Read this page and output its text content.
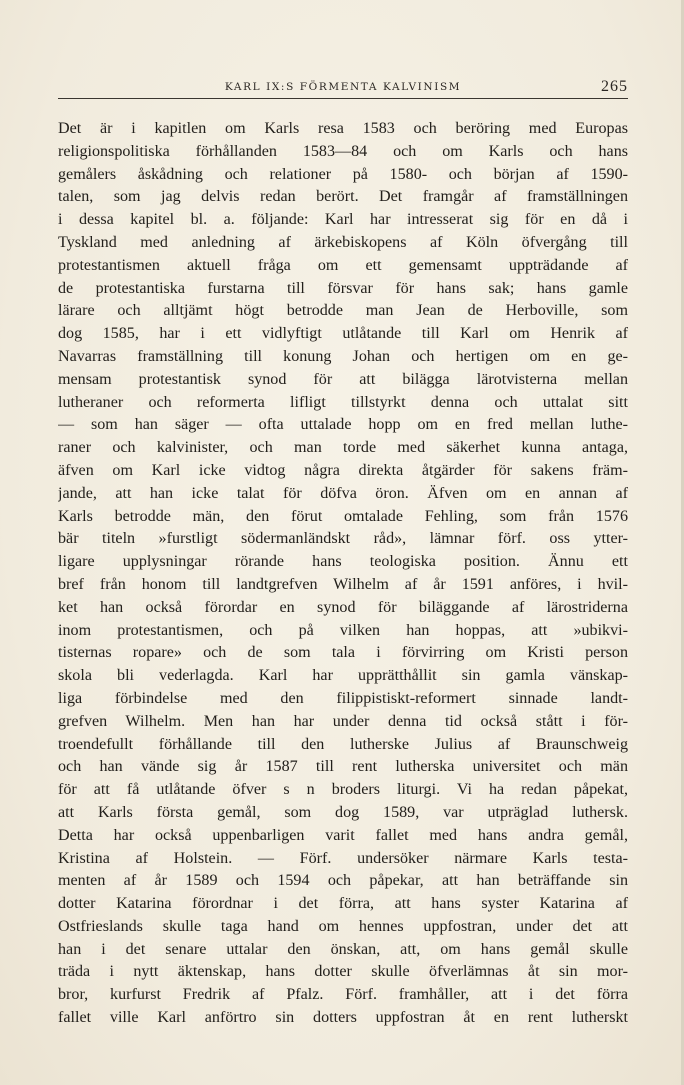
KARL IX:S FÖRMENTA KALVINISM	265
Det är i kapitlen om Karls resa 1583 och beröring med Europas
religionspolitiska förhållanden 1583—84 och om Karls och hans
gemålers åskådning och relationer på 1580- och början af 1590-
talen, som jag delvis redan berört. Det framgår af framställningen
i dessa kapitel bl. a. följande: Karl har intresserat sig för en då i
Tyskland med anledning af ärkebiskopens af Köln öfvergång till
protestantismen aktuell fråga om ett gemensamt uppträdande af
de protestantiska furstarna till försvar för hans sak; hans gamle
lärare och alltjämt högt betrodde man Jean de Herboville, som
dog 1585, har i ett vidlyftigt utlåtande till Karl om Henrik af
Navarras framställning till konung Johan och hertigen om en ge-
mensam protestantisk synod för att bilägga lärotvisterna mellan
lutheraner och reformerta lifligt tillstyrkt denna och uttalat sitt
— som han säger — ofta uttalade hopp om en fred mellan luthe-
raner och kalvinister, och man torde med säkerhet kunna antaga,
äfven om Karl icke vidtog några direkta åtgärder för sakens främ-
jande, att han icke talat för döfva öron. Äfven om en annan af
Karls betrodde män, den förut omtalade Fehling, som från 1576
bär titeln »furstligt södermanländskt råd», lämnar förf. oss ytter-
ligare upplysningar rörande hans teologiska position. Ännu ett
bref från honom till landtgrefven Wilhelm af år 1591 anföres, i hvil-
ket han också förordar en synod för biläggande af lärostriderna
inom protestantismen, och på vilken han hoppas, att »ubikvi-
tisternas ropare» och de som tala i förvirring om Kristi person
skola bli vederlagda. Karl har upprätthållit sin gamla vänskap-
liga förbindelse med den filippistiskt-reformert sinnade landt-
grefven Wilhelm. Men han har under denna tid också stått i för-
troendefullt förhållande till den lutherske Julius af Braunschweig
och han vände sig år 1587 till rent lutherska universitet och män
för att få utlåtande öfver s n broders liturgi. Vi ha redan påpekat,
att Karls första gemål, som dog 1589, var utpräglad luthersk.
Detta har också uppenbarligen varit fallet med hans andra gemål,
Kristina af Holstein. — Förf. undersöker närmare Karls testa-
menten af år 1589 och 1594 och påpekar, att han beträffande sin
dotter Katarina förordnar i det förra, att hans syster Katarina af
Ostfrieslands skulle taga hand om hennes uppfostran, under det att
han i det senare uttalar den önskan, att, om hans gemål skulle
träda i nytt äktenskap, hans dotter skulle öfverlämnas åt sin mor-
bror, kurfurst Fredrik af Pfalz. Förf. framhåller, att i det förra
fallet ville Karl anförtro sin dotters uppfostran åt en rent lutherskt
